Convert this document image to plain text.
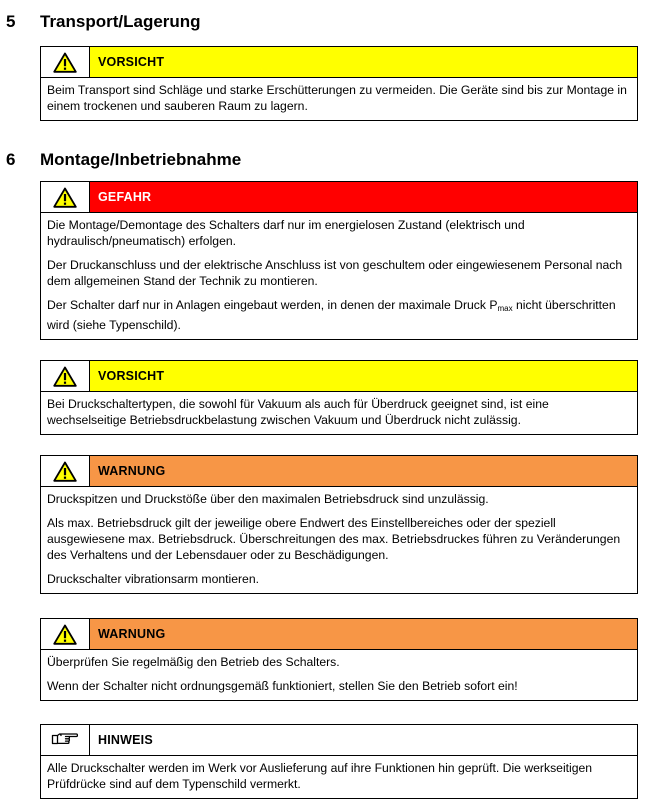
5	Transport/Lagerung
VORSICHT

Beim Transport sind Schläge und starke Erschütterungen zu vermeiden. Die Geräte sind bis zur Montage in einem trockenen und sauberen Raum zu lagern.

6	Montage/Inbetriebnahme
GEFAHR

Die Montage/Demontage des Schalters darf nur im energielosen Zustand (elektrisch und hydraulisch/pneumatisch) erfolgen.

Der Druckanschluss und der elektrische Anschluss ist von geschultem oder eingewiesenem Personal nach dem allgemeinen Stand der Technik zu montieren.

Der Schalter darf nur in Anlagen eingebaut werden, in denen der maximale Druck $P_{max}$ nicht überschritten wird (siehe Typenschild).

VORSICHT

Bei Druckschaltertypen, die sowohl für Vakuum als auch für Überdruck geeignet sind, ist eine wechselseitige Betriebsdruckbelastung zwischen Vakuum und Überdruck nicht zulässig.

WARNUNG

Druckspitzen und Druckstöße über den maximalen Betriebsdruck sind unzulässig.

Als max. Betriebsdruck gilt der jeweilige obere Endwert des Einstellbereiches oder der speziell ausgewiesene max. Betriebsdruck. Überschreitungen des max. Betriebsdruckes führen zu Veränderungen des Verhaltens und der Lebensdauer oder zu Beschädigungen.

Druckschalter vibrationsarm montieren.

WARNUNG

Überprüfen Sie regelmäßig den Betrieb des Schalters.

Wenn der Schalter nicht ordnungsgemäß funktioniert, stellen Sie den Betrieb sofort ein!

HINWEIS

Alle Druckschalter werden im Werk vor Auslieferung auf ihre Funktionen hin geprüft. Die werkseitigen Prüfdrücke sind auf dem Typenschild vermerkt.
